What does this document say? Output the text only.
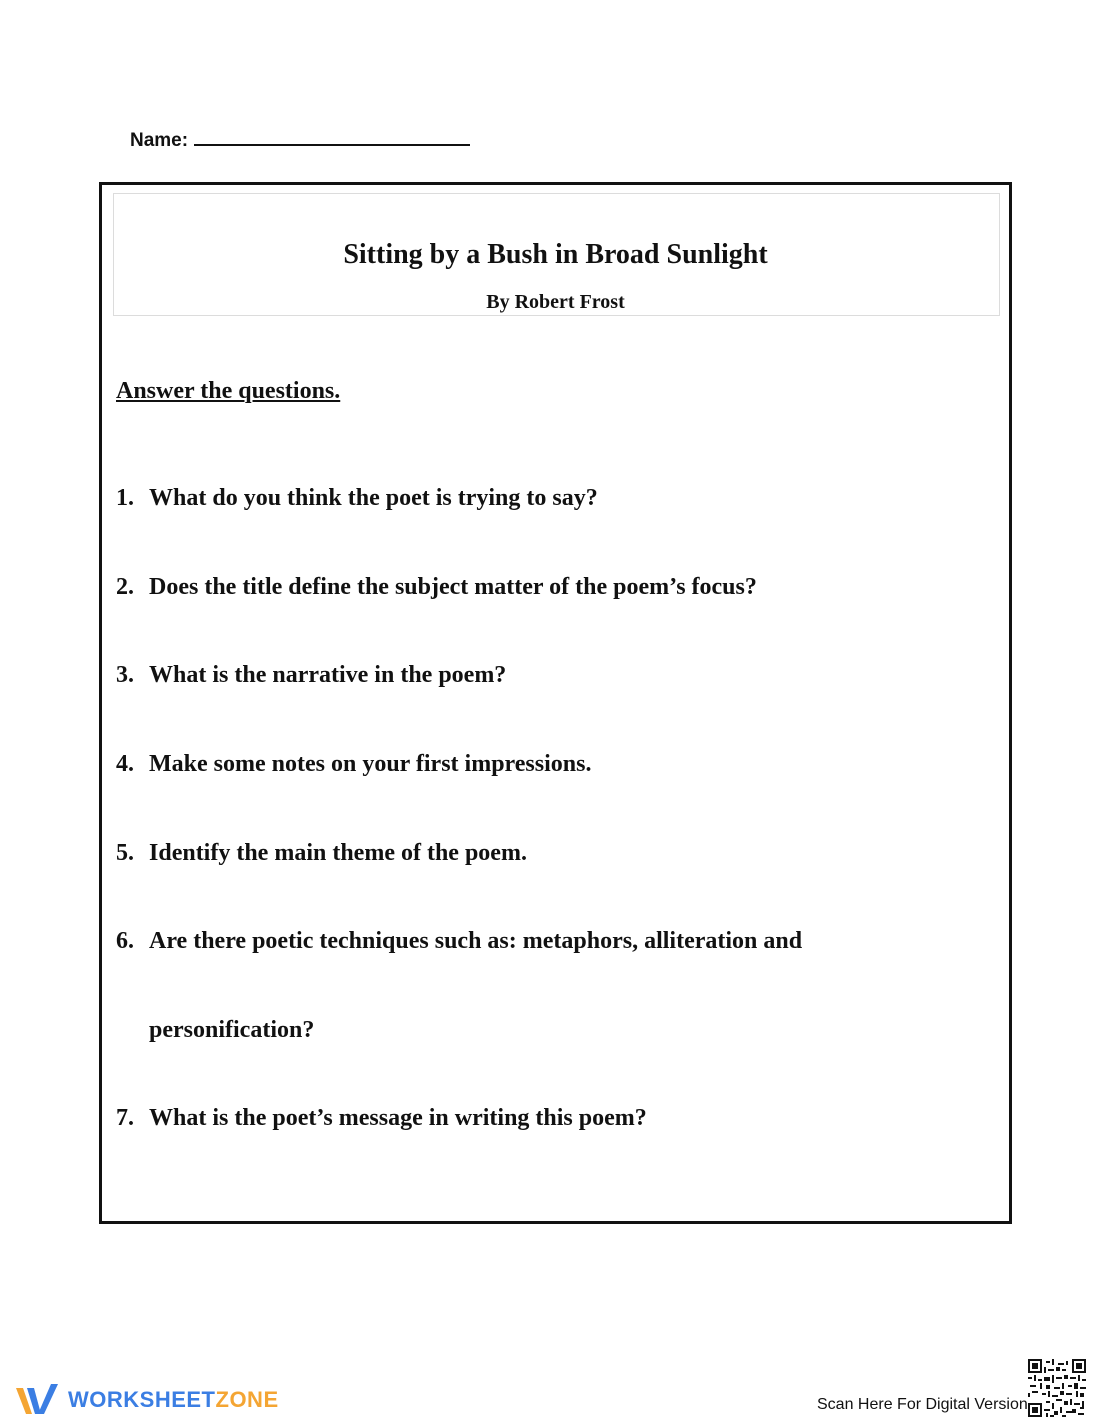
Name:
Sitting by a Bush in Broad Sunlight
By Robert Frost
Answer the questions.
1. What do you think the poet is trying to say?
2. Does the title define the subject matter of the poem’s focus?
3. What is the narrative in the poem?
4. Make some notes on your first impressions.
5. Identify the main theme of the poem.
6. Are there poetic techniques such as: metaphors, alliteration and
personification?
7. What is the poet’s message in writing this poem?
WORKSHEETZONE	Scan Here For Digital Version
